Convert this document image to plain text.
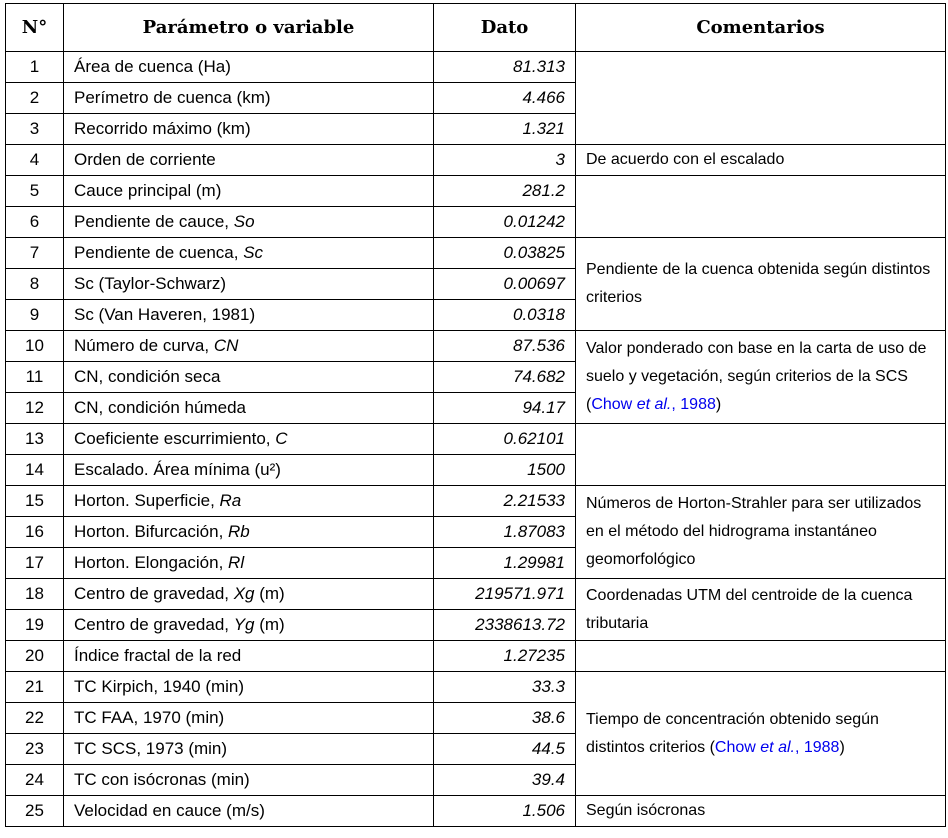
N°	Parámetro o variable	Dato	Comentarios
1	Área de cuenca (Ha)	81.313	
2	Perímetro de cuenca (km)	4.466	
3	Recorrido máximo (km)	1.321	
4	Orden de corriente	3	De acuerdo con el escalado
5	Cauce principal (m)	281.2	
6	Pendiente de cauce, So	0.01242	
7	Pendiente de cuenca, Sc	0.03825	Pendiente de la cuenca obtenida según distintos criterios
8	Sc (Taylor-Schwarz)	0.00697	
9	Sc (Van Haveren, 1981)	0.0318	
10	Número de curva, CN	87.536	Valor ponderado con base en la carta de uso de suelo y vegetación, según criterios de la SCS (Chow et al., 1988)
11	CN, condición seca	74.682	
12	CN, condición húmeda	94.17	
13	Coeficiente escurrimiento, C	0.62101	
14	Escalado. Área mínima (u²)	1500	
15	Horton. Superficie, Ra	2.21533	Números de Horton-Strahler para ser utilizados en el método del hidrograma instantáneo geomorfológico
16	Horton. Bifurcación, Rb	1.87083	
17	Horton. Elongación, Rl	1.29981	
18	Centro de gravedad, Xg (m)	219571.971	Coordenadas UTM del centroide de la cuenca tributaria
19	Centro de gravedad, Yg (m)	2338613.72	
20	Índice fractal de la red	1.27235	
21	TC Kirpich, 1940 (min)	33.3	Tiempo de concentración obtenido según distintos criterios (Chow et al., 1988)
22	TC FAA, 1970 (min)	38.6	
23	TC SCS, 1973 (min)	44.5	
24	TC con isócronas (min)	39.4	
25	Velocidad en cauce (m/s)	1.506	Según isócronas
